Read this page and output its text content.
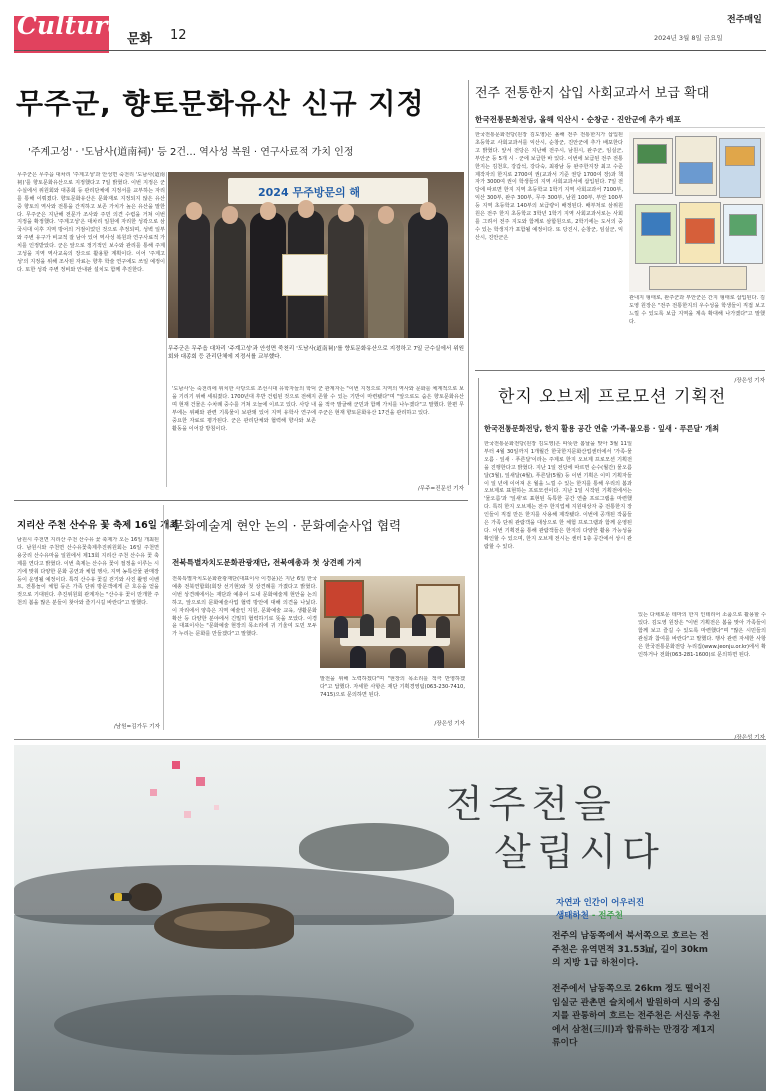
Culture 문화 12
전주매일
2024년 3월 8일 금요일
무주군, 향토문화유산 신규 지정
'주계고성' · '도남사(道南祠)' 등 2건… 역사성 복원 · 연구사료적 가치 인정
무주군은 무주읍 대차리 '주계고성'과 안성면 죽천리 '도남사(道南祠)'를 향토문화유산으로 지정했다고 7일 밝혔다. 이번 지정은 군수실에서 위원회와 대종회 등 관리단체에 지정서를 교부하는 자리를 통해 이뤄졌다. 향토문화유산은 문화재로 지정되지 않은 유산 중 향토의 역사와 전통을 간직하고 보존 가치가 높은 유산을 말한다. 무주군은 지난해 전문가 조사와 주민 의견 수렴을 거쳐 이번 지정을 확정했다. '주계고성'은 대차리 일원에 자리한 성곽으로 삼국시대 이후 지역 방어의 거점이었던 것으로 추정되며, 성벽 일부와 주변 유구가 비교적 잘 남아 있어 역사성 복원과 연구사료적 가치를 인정받았다. 군은 앞으로 정기적인 보수와 관리를 통해 주계고성을 지역 역사교육의 장으로 활용할 계획이다. 이어 '주계고성'의 지정을 위해 조사된 자료는 향후 학술 연구에도 쓰일 예정이다. 또한 성곽 주변 정비와 안내판 설치도 함께 추진한다.
'도남사'는 죽천리에 위치한 사당으로 조선시대 유학자들의 학덕을 기리기 위해 세워졌다. 1700년대 후반 건립된 것으로 전해지며 현재 건물은 수차례 중수를 거쳐 오늘에 이르고 있다. 사당 내부에는 위패와 관련 기록물이 보관돼 있어 지역 유학사 연구에 중요한 자료로 평가된다. 군은 관리단체와 협력해 향사와 보존 활동을 이어갈 방침이다.
군 관계자는 "이번 지정으로 지역의 역사와 문화를 체계적으로 보존할 수 있는 기반이 마련됐다"며 "앞으로도 숨은 향토문화유산을 적극 발굴해 군민과 함께 가치를 나누겠다"고 말했다. 한편 무주군은 현재 향토문화유산 17건을 관리하고 있다.
/무주=진문선 기자
2024 무주방문의 해
무주군은 무주읍 대차리 '주계고성'과 안성면 죽천리 '도남사(道南祠)'를 향토문화유산으로 지정하고 7일 군수실에서 위원회와 대종회 등 관리단체에 지정서를 교부했다.
전주 전통한지 삽입 사회교과서 보급 확대
한국전통문화전당, 올해 익산시 · 순창군 · 진안군에 추가 배포
한국전통문화전당(원장 김도영)은 올해 전주 전통한지가 삽입된 초등학교 사회교과서를 익산시, 순창군, 진안군에 추가 배포한다고 밝혔다. 앞서 전당은 지난해 전주시, 남원시, 완주군, 임실군, 부안군 등 5개 시 · 군에 보급한 바 있다. 이번에 보급된 전주 전통한지는 김천호, 강갑석, 강다숙, 최광남 등 완주한지장 최고 수준 제작자의 한지로 2700여 권(교과서 기준 권당 1700여 장)과 책자가 3000여 권이 학생들의 지역 사회교과서에 삽입된다. 7일 전당에 따르면 한지 지역 초등학교 1학기 지역 사회교과서 7100부, 익산 300부, 완주 300부, 무주 300부, 남원 100부, 부안 100부 등 지역 초등학교 140부의 보급량이 배정된다. 배부처로 삼위원원은 전주 한지 초등학교 3학년 1학기 지역 사회교과서로는 사회를 그려서 전주 지도와 함께로 삼합원으로, 2학기에는 도서의 중 수 있는 학생지가 포함될 예정이다. 또 당진시, 순창군, 임실군, 익산시, 진안군은
관내지 형태로, 완주군과 부안군은 간지 형태로 삽입된다. 김도영 원장은 "전주 전통한지의 우수성을 학생들이 직접 보고 느낄 수 있도록 보급 지역을 계속 확대해 나가겠다"고 말했다.
/장은성 기자
한지 오브제 프로모션 기획전
한국전통문화전당, 한지 활용 공간 연출 '가족-물오름 · 잎새 · 푸른달' 개최
한국전통문화전당(원장 김도영)은 따뜻한 봄날을 맞아 3월 11일부터 4월 30일까지 1개월간 한국한지문화산업센터에서 '가족-물오름 · 잎새 · 푸른달'이라는 주제로 한지 오브제 프로모션 기획전을 진행한다고 밝혔다. 지난 1일 전당에 따르면 순수(월간) 물오름달(3월), 잎새달(4월), 푸른달(5월) 등 이번 기획은 이미 기획자들이 일 년에 이어져 온 월을 느낄 수 있는 한지를 통해 우리의 봄과 오브제로 표현하는 프로모션이다. 지난 1일 시작된 기획전에서는 '물오름'과 '잎새'로 표현된 독특한 공간 연출 프로그램을 마련했다. 특히 한지 오브제는 전주 한지업체 지원대상자 중 전통한지 장인들이 직접 만든 한지를 사용해 제작됐다. 이번에 공개된 작품들은 가족 단위 관람객을 대상으로 한 체험 프로그램과 함께 운영된다. 이번 기획전을 통해 관람객들은 한지의 다양한 활용 가능성을 확인할 수 있으며, 한지 오브제 전시는 센터 1층 공간에서 상시 관람할 수 있다.
있는 다채로운 테마의 한지 인테리어 소품으로 활용할 수 있다. 김도영 원장은 "이번 기획전은 봄을 맞아 가족들이 함께 보고 즐길 수 있도록 마련했다"며 "많은 시민들의 관심과 참여를 바란다"고 말했다. 행사 관련 자세한 사항은 한국전통문화전당 누리집(www.jeonju.or.kr)에서 확인하거나 전화(063-281-1600)로 문의하면 된다.
/장은성 기자
지리산 주천 산수유 꽃 축제 16일 개최
남원시 주천면 지리산 주천 산수유 꽃 축제가 오는 16일 개최된다. 남원시와 주천면 산수유꽃축제추진위원회는 16일 주천면 용궁리 산수유마을 일원에서 제13회 지리산 주천 산수유 꽃 축제를 연다고 밝혔다. 이번 축제는 산수유 꽃이 절정을 이루는 시기에 맞춰 다양한 문화 공연과 체험 행사, 지역 농특산물 판매장 등이 운영될 예정이다. 특히 산수유 꽃길 걷기와 사진 촬영 이벤트, 전통놀이 체험 등은 가족 단위 방문객에게 큰 호응을 얻을 것으로 기대된다. 추진위원회 관계자는 "산수유 꽃이 만개한 주천의 봄을 많은 분들이 찾아와 즐기시길 바란다"고 말했다.
/남원=김가두 기자
문화예술계 현안 논의 · 문화예술사업 협력
전북특별자치도문화관광재단, 전북예총과 첫 상견례 가져
전북특별자치도문화관광재단(대표이사 이경윤)은 지난 6일 한국예총 전북연합회(회장 선기현)와 첫 상견례를 가졌다고 밝혔다. 이번 상견례에서는 재단과 예총이 도내 문화예술계 현안을 논의하고, 앞으로의 문화예술사업 협력 방안에 대해 의견을 나눴다. 이 자리에서 양측은 지역 예술인 지원, 문화예술 교육, 생활문화 확산 등 다양한 분야에서 긴밀히 협력하기로 뜻을 모았다. 이경윤 대표이사는 "문화예술 현장의 목소리에 귀 기울여 도민 모두가 누리는 문화를 만들겠다"고 말했다.
발전을 위해 노력하겠다"며 "현장의 목소리를 적극 반영하겠다"고 답했다. 자세한 사항은 재단 기획경영팀(063-230-7410, 7415)으로 문의하면 된다.
/장은성 기자
전주천을
살립시다
자연과 인간이 어우러진
생태하천 - 전주천
전주의 남동쪽에서 북서쪽으로 흐르는 전주천은 유역면적 31.53㎢, 길이 30km의 지방 1급 하천이다.
전주에서 남동쪽으로 26km 정도 떨어진 임실군 관촌면 슬치에서 발원하여 시의 중심지를 관통하여 흐르는 전주천은 서신동 추천에서 삼천(三川)과 합류하는 만경강 제1지류이다
